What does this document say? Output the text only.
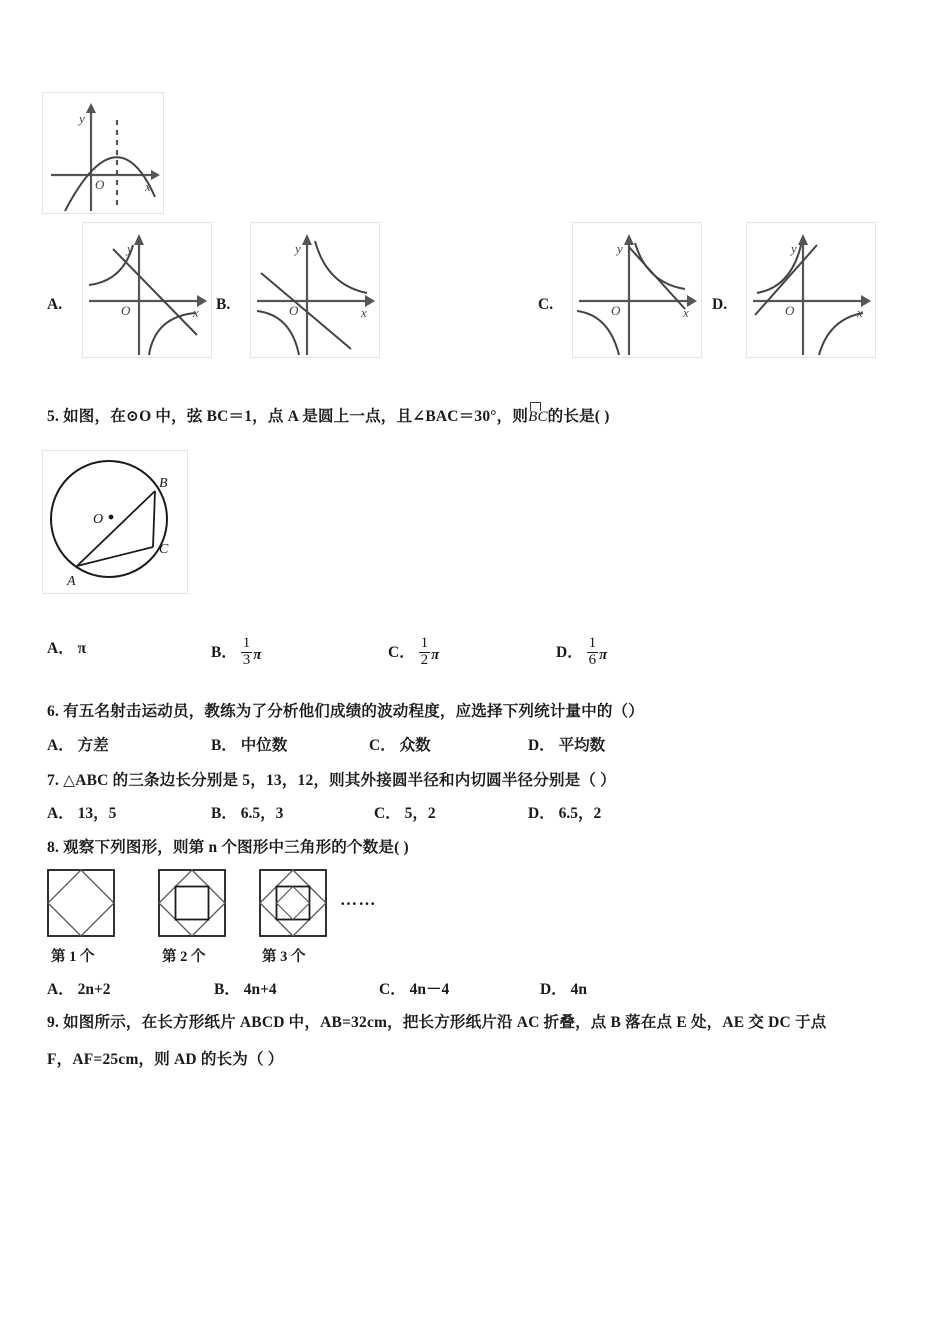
y
x
O
A.
y
x
O	B.
y
x
O	C.
y
x
O	D.
y
x
O
5. 如图，在⊙O 中，弦 BC＝1，点 A 是圆上一点，且∠BAC＝30°，则
BC的长是( )
O
B
C
A
A． π	B． $\frac{1}{3}$ π	C． $\frac{1}{2}$ π	D． $\frac{1}{6}$ π
6. 有五名射击运动员，教练为了分析他们成绩的波动程度，应选择下列统计量中的（）
A． 方差	B． 中位数	C． 众数	D． 平均数
7. △ABC 的三条边长分别是 5，13，12，则其外接圆半径和内切圆半径分别是（ ）
A． 13，5	B． 6.5，3	C． 5，2	D． 6.5，2
8. 观察下列图形，则第 n 个图形中三角形的个数是( )
……
第 1 个	第 2 个	第 3 个
A． 2n+2	B． 4n+4	C． 4n－4	D． 4n
9. 如图所示，在长方形纸片 ABCD 中，AB=32cm，把长方形纸片沿 AC 折叠，点 B 落在点 E 处，AE 交 DC 于点
F，AF=25cm，则 AD 的长为（ ）
